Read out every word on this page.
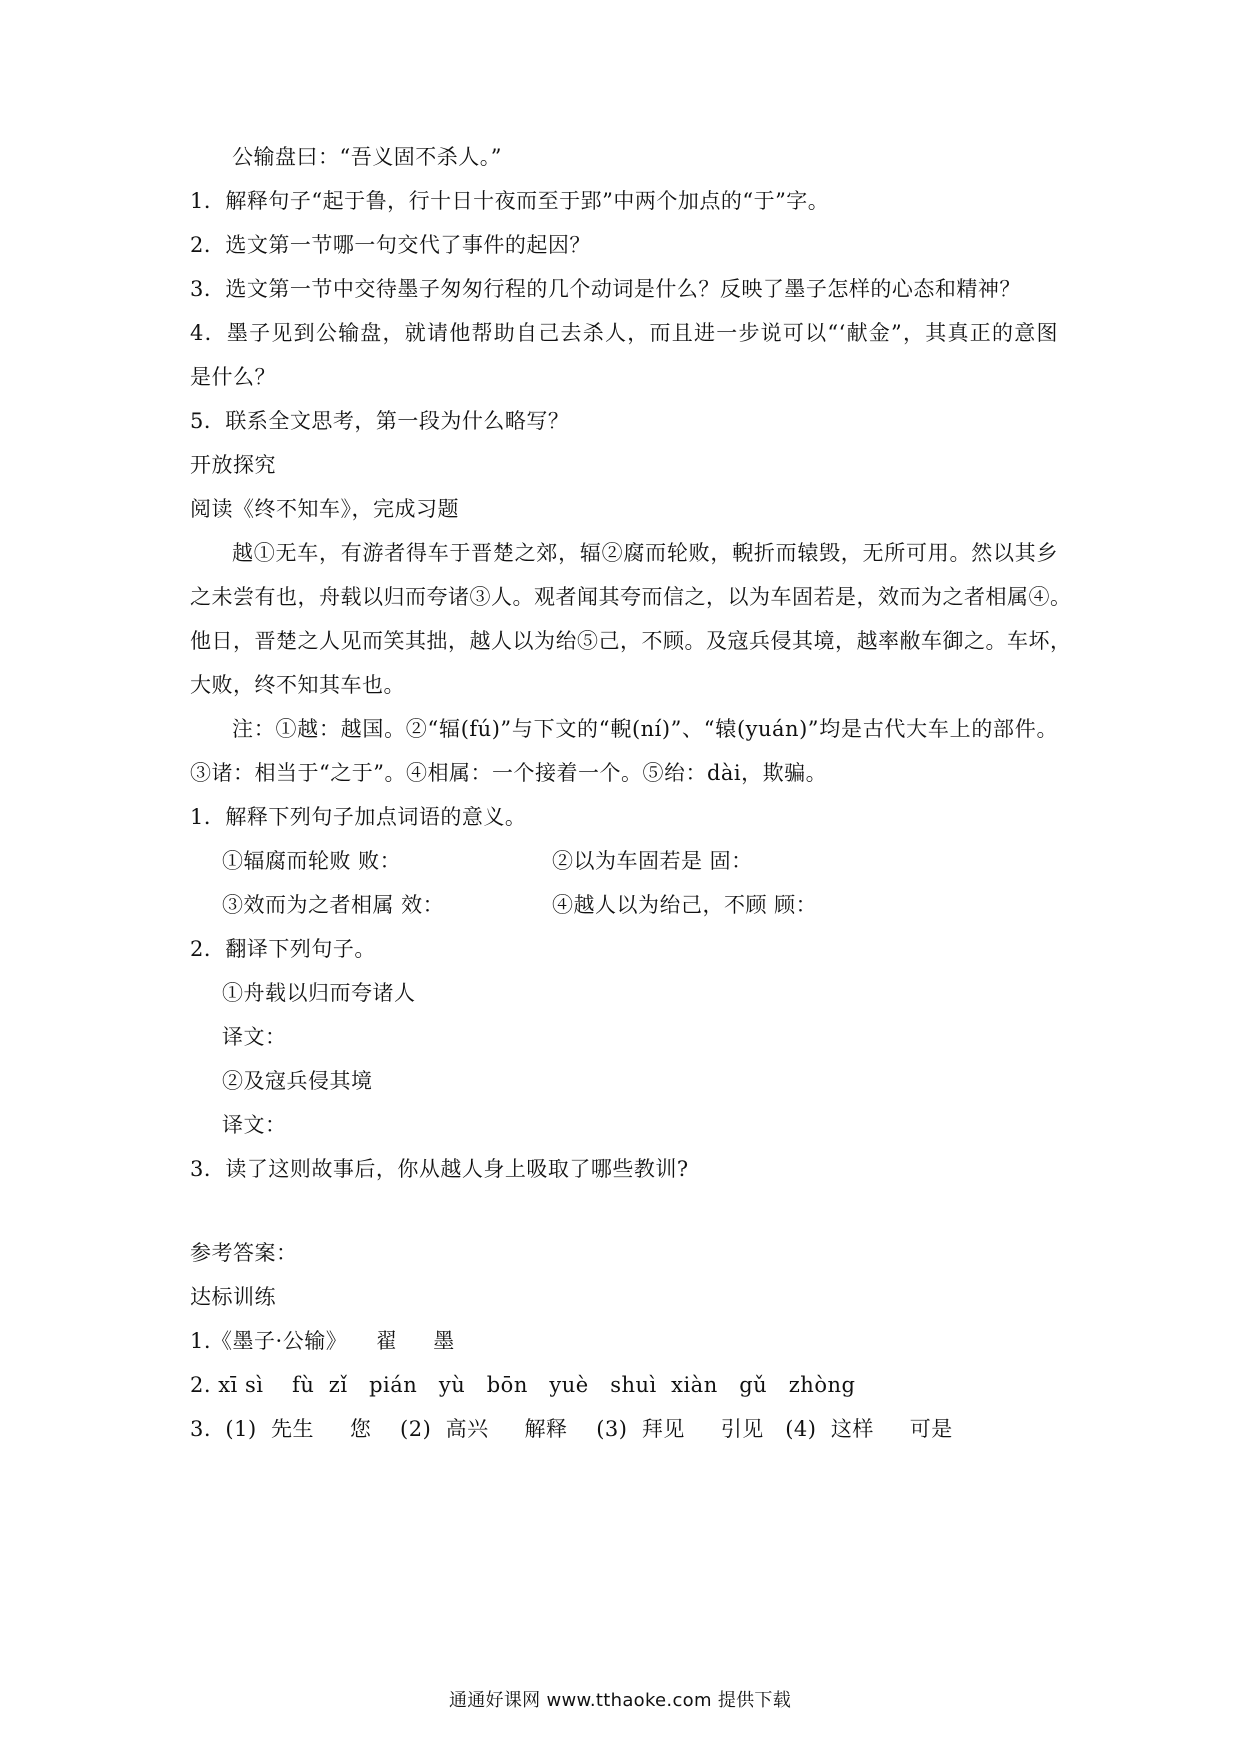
公输盘曰：“吾义固不杀人。”
1．解释句子“起于鲁，行十日十夜而至于郢”中两个加点的“于”字。
2．选文第一节哪一句交代了事件的起因？
3．选文第一节中交待墨子匆匆行程的几个动词是什么？反映了墨子怎样的心态和精神？
4．墨子见到公输盘，就请他帮助自己去杀人，而且进一步说可以“‘献金”，其真正的意图
是什么？
5．联系全文思考，第一段为什么略写？
开放探究
阅读《终不知车》，完成习题
越①无车，有游者得车于晋楚之郊，辐②腐而轮败，輗折而辕毁，无所可用。然以其乡
之未尝有也，舟载以归而夸诸③人。观者闻其夸而信之，以为车固若是，效而为之者相属④。
他日，晋楚之人见而笑其拙，越人以为绐⑤己，不顾。及寇兵侵其境，越率敝车御之。车坏，
大败，终不知其车也。
注：①越：越国。②“辐(fú)”与下文的“輗(ní)”、“辕(yuán)”均是古代大车上的部件。
③诸：相当于“之于”。④相属：一个接着一个。⑤绐：dài，欺骗。
1．解释下列句子加点词语的意义。
①辐腐而轮败 败：	②以为车固若是 固：
③效而为之者相属 效：	④越人以为绐己，不顾 顾：
2．翻译下列句子。
①舟载以归而夸诸人
译文：
②及寇兵侵其境
译文：
3．读了这则故事后，你从越人身上吸取了哪些教训?
参考答案：
达标训练
1.《墨子·公输》    翟     墨
2. xī sì    fù  zǐ   pián   yù   bōn   yuè   shuì  xiàn   gǔ   zhòng
3.  (1)  先生     您    (2)  高兴     解释    (3)  拜见     引见   (4)  这样     可是
通通好课网 www.tthaoke.com 提供下载
